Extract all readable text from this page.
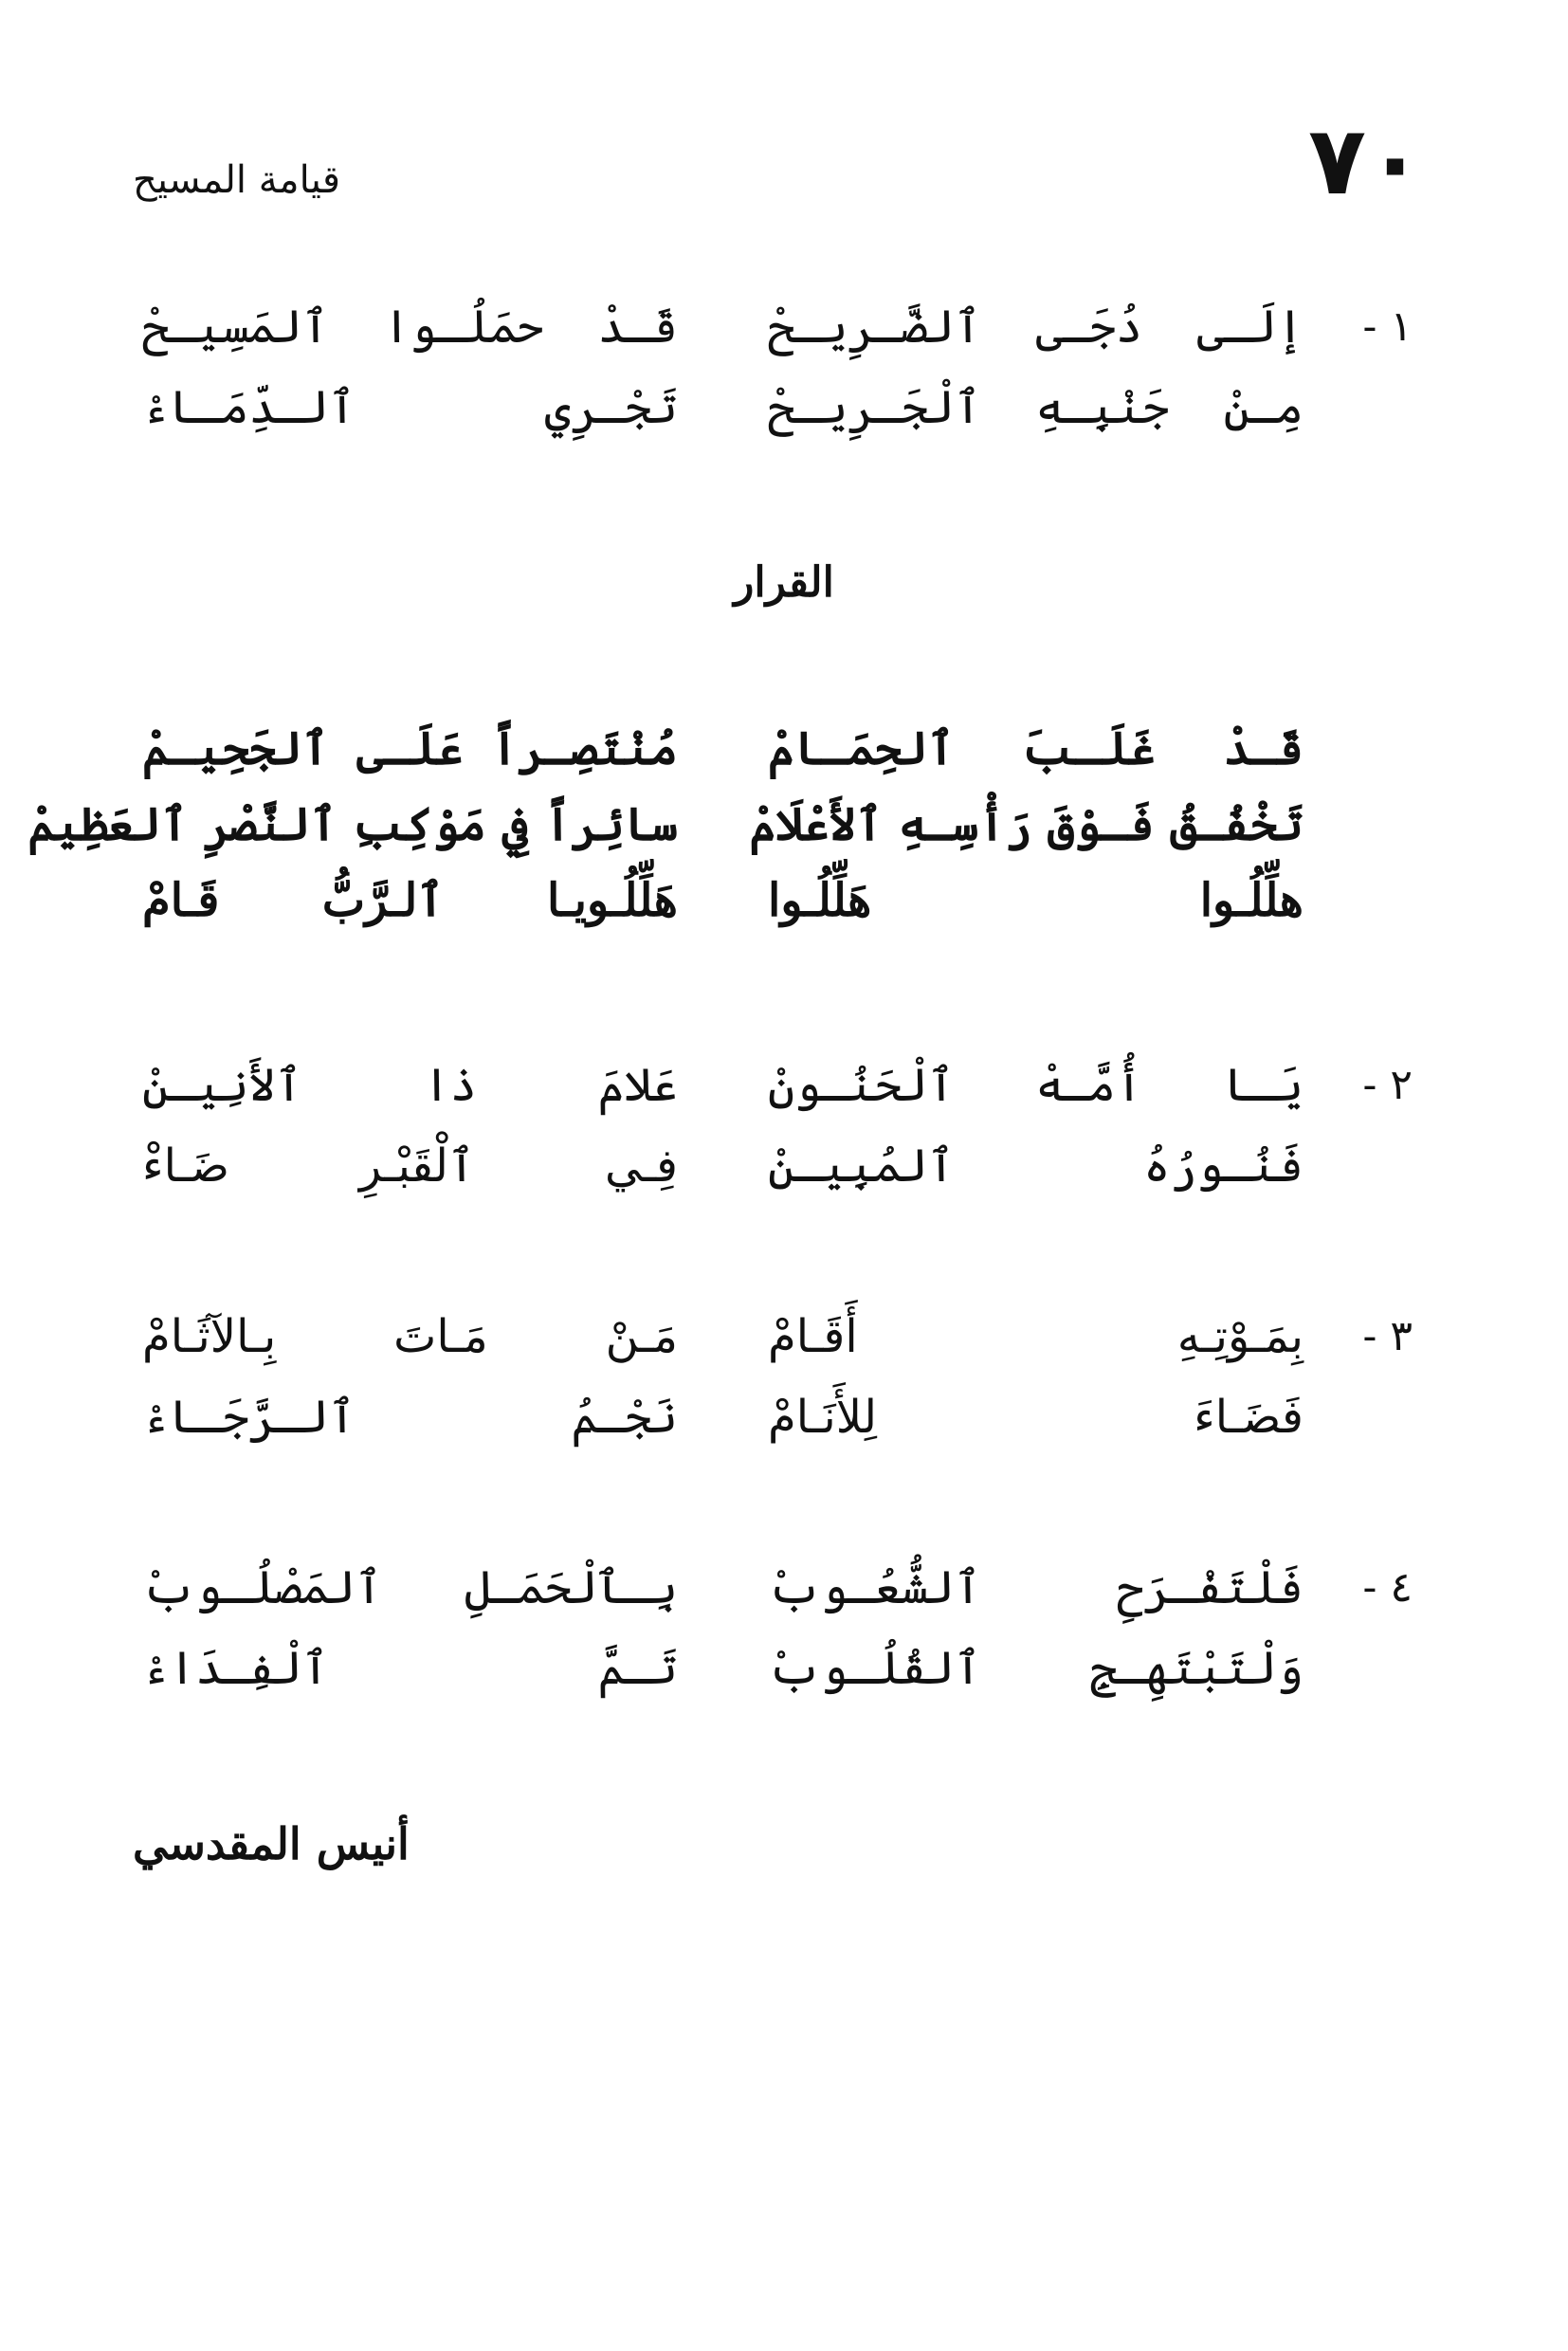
٧٠
قيامة المسيح
١ -
إلَـى دُجَـى ٱلضَّـرِيـحْ
قَـدْ حمَلُـوا ٱلمَسِيـحْ
مِـنْ جَنْبِـهِ ٱلْجَـرِيـحْ
تَجْـرِي ٱلـدِّمَـاءْ
القرار
قَـدْ غَلَـبَ ٱلحِمَـامْ
مُنْتَصِـراً عَلَـى ٱلجَحِيـمْ
تَخْفُـقُ فَـوْقَ رَأْسِـهِ ٱلأَعْلَامْ
سائِراً فِي مَوْكِبِ ٱلنَّصْرِ ٱلعَظِيمْ
هلِّلُـوا هَلِّلُـوا
هَلِّلُـويـا ٱلـرَّبُّ قَـامْ
٢ -
يَـا أُمَّـهْ ٱلْحَنُـونْ
عَلامَ ذا ٱلأَنِيـنْ
فَنُـورُهُ ٱلمُبِيـنْ
فِـي ٱلْقَبْـرِ ضَـاءْ
٣ -
بِمَـوْتِـهِ أَقَـامْ
مَـنْ مَـاتَ بِـالآثَـامْ
فَضَـاءَ لِلأَنَـامْ
نَجْـمُ ٱلـرَّجَـاءْ
٤ -
فَلْتَفْـرَحِ ٱلشُّعُـوبْ
بِـٱلْحَمَـلِ ٱلمَصْلُـوبْ
وَلْتَبْتَهِـجِ ٱلقُلُـوبْ
تَـمَّ ٱلْفِـدَاءْ
أنيس المقدسي
